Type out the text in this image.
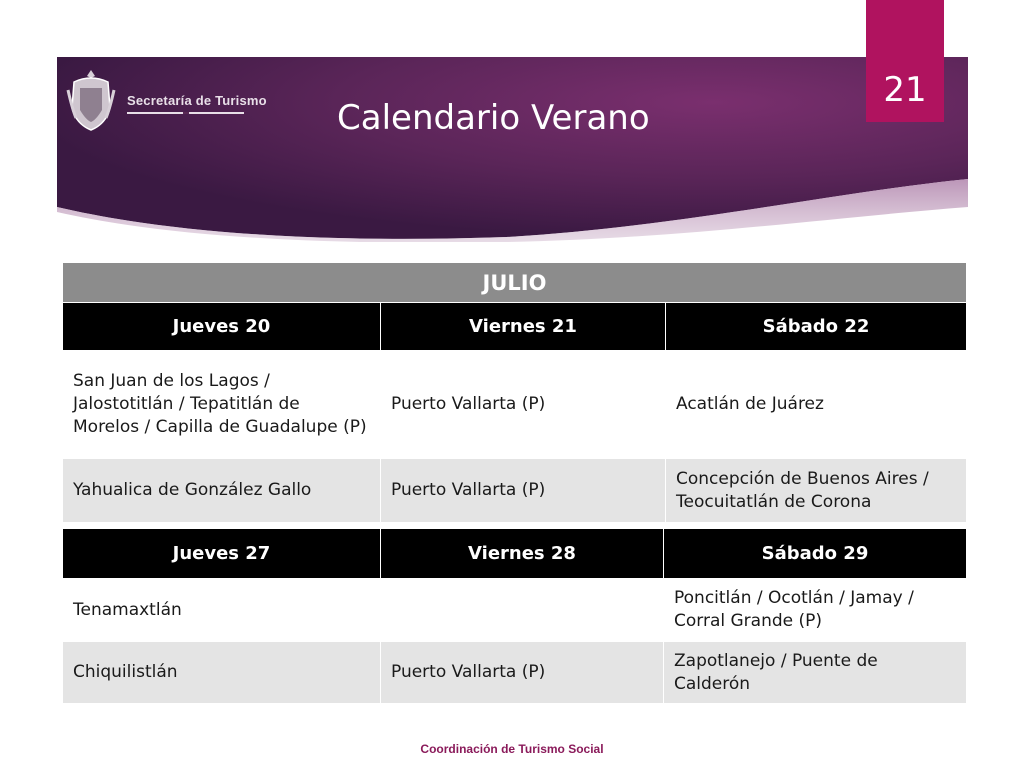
Secretaría de Turismo Calendario Verano
21
JULIO		
Jueves 20	Viernes 21	Sábado 22
San Juan de los Lagos / Jalostotitlán / Tepatitlán de Morelos / Capilla de Guadalupe (P)	Puerto Vallarta (P)	Acatlán de Juárez
Yahualica de González Gallo	Puerto Vallarta (P)	Concepción de Buenos Aires / Teocuitatlán de Corona
Jueves 27	Viernes 28	Sábado 29
Tenamaxtlán		Poncitlán / Ocotlán / Jamay / Corral Grande (P)
Chiquilistlán	Puerto Vallarta (P)	Zapotlanejo / Puente de Calderón
Coordinación de Turismo Social
